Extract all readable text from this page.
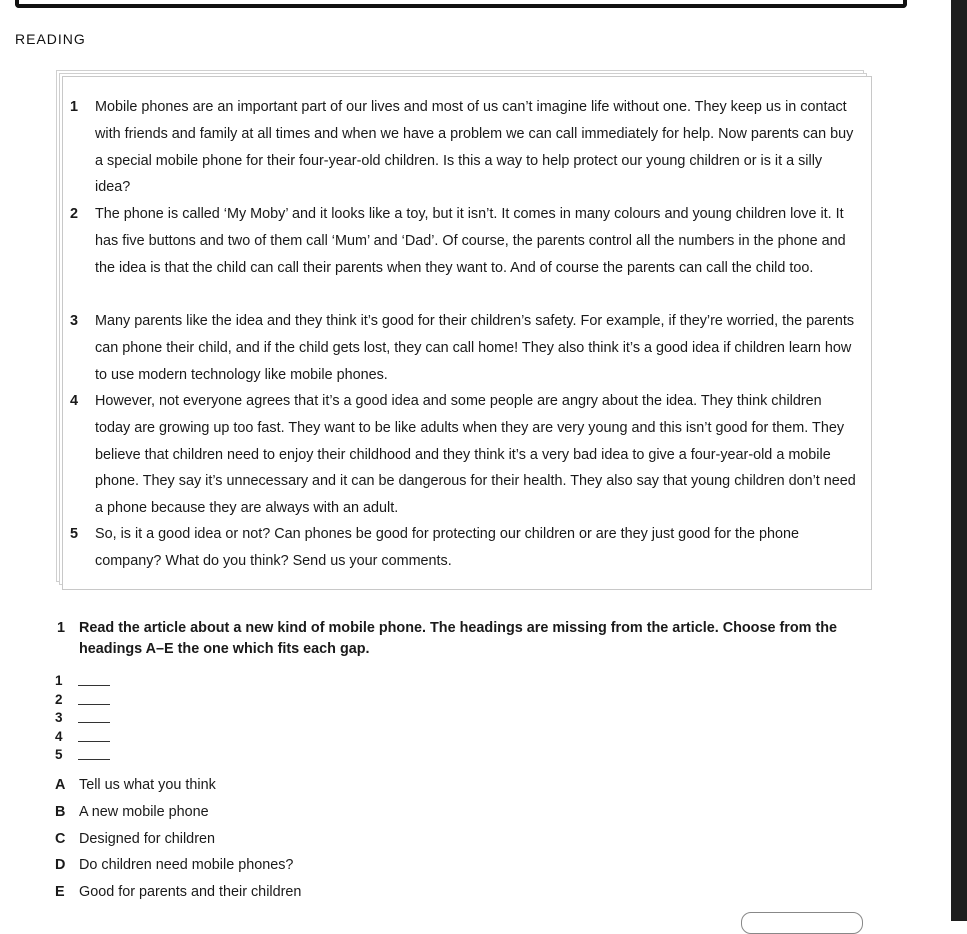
READING
1	Mobile phones are an important part of our lives and most of us can’t imagine life without one. They keep us in contact with friends and family at all times and when we have a problem we can call immediately for help. Now parents can buy a special mobile phone for their four-year-old children. Is this a way to help protect our young children or is it a silly idea?
2	The phone is called ‘My Moby’ and it looks like a toy, but it isn’t. It comes in many colours and young children love it. It has five buttons and two of them call ‘Mum’ and ‘Dad’. Of course, the parents control all the numbers in the phone and the idea is that the child can call their parents when they want to. And of course the parents can call the child too.
3	Many parents like the idea and they think it’s good for their children’s safety. For example, if they’re worried, the parents can phone their child, and if the child gets lost, they can call home! They also think it’s a good idea if children learn how to use modern technology like mobile phones.
4	However, not everyone agrees that it’s a good idea and some people are angry about the idea. They think children today are growing up too fast. They want to be like adults when they are very young and this isn’t good for them. They believe that children need to enjoy their childhood and they think it’s a very bad idea to give a four-year-old a mobile phone. They say it’s unnecessary and it can be dangerous for their health. They also say that young children don’t need a phone because they are always with an adult.
5	So, is it a good idea or not? Can phones be good for protecting our children or are they just good for the phone company? What do you think? Send us your comments.
1 Read the article about a new kind of mobile phone. The headings are missing from the article. Choose from the headings A–E the one which fits each gap.
1
2
3
4
5
A Tell us what you think
B A new mobile phone
C Designed for children
D Do children need mobile phones?
E Good for parents and their children
